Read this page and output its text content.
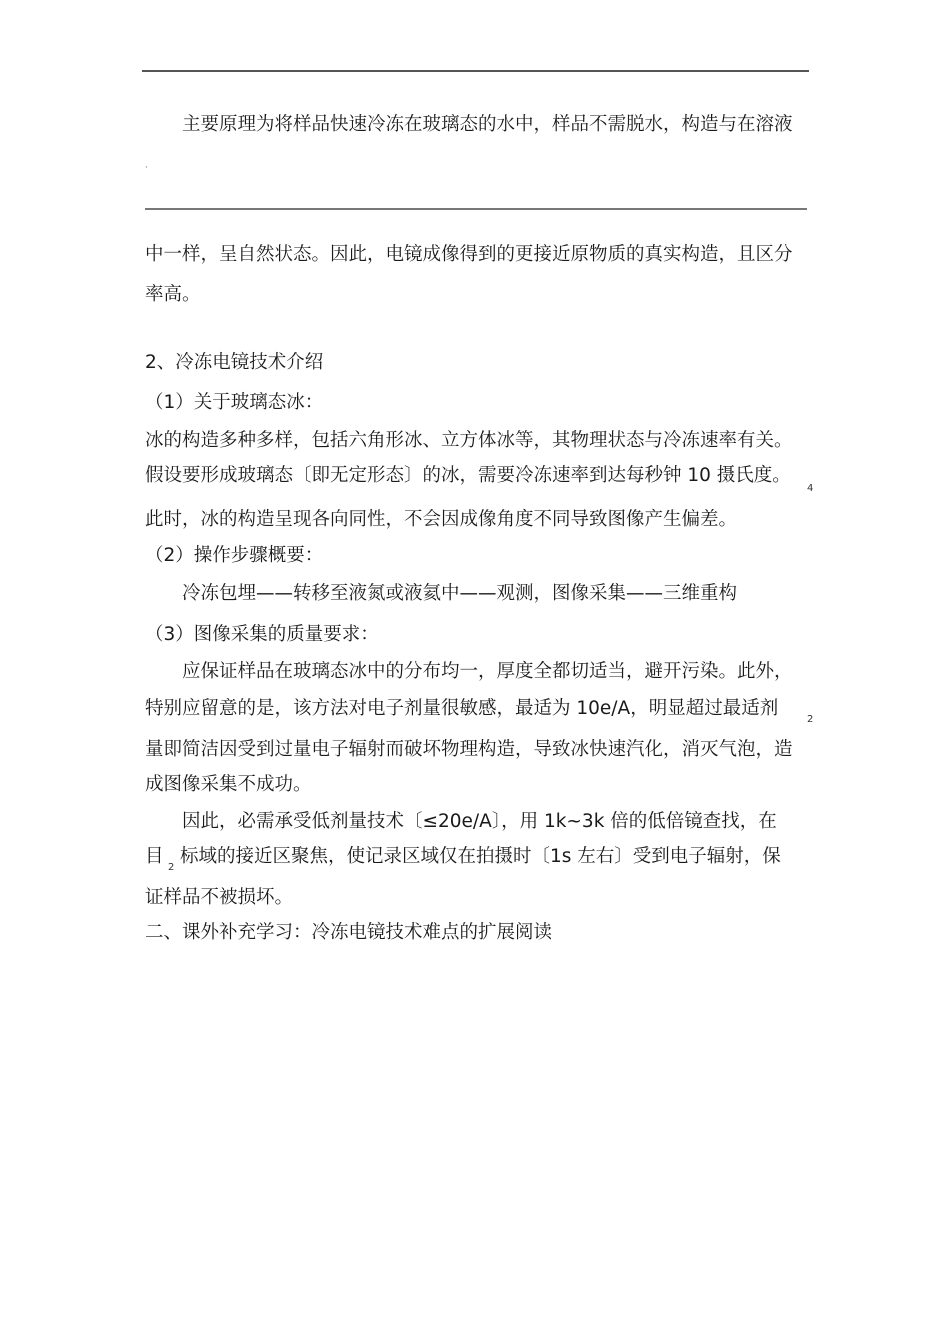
主要原理为将样品快速冷冻在玻璃态的水中，样品不需脱水，构造与在溶液
·
中一样，呈自然状态。因此，电镜成像得到的更接近原物质的真实构造，且区分
率高。
2、冷冻电镜技术介绍
（1）关于玻璃态冰：
冰的构造多种多样，包括六角形冰、立方体冰等，其物理状态与冷冻速率有关。
假设要形成玻璃态〔即无定形态〕的冰，需要冷冻速率到达每秒钟 10 摄氏度。
4
此时，冰的构造呈现各向同性，不会因成像角度不同导致图像产生偏差。
（2）操作步骤概要：
冷冻包埋——转移至液氮或液氦中——观测，图像采集——三维重构
（3）图像采集的质量要求：
应保证样品在玻璃态冰中的分布均一，厚度全都切适当，避开污染。此外，
特别应留意的是，该方法对电子剂量很敏感，最适为 10e/A，明显超过最适剂
2
量即简洁因受到过量电子辐射而破坏物理构造，导致冰快速汽化，消灭气泡，造
成图像采集不成功。
因此，必需承受低剂量技术〔≤20e/A〕，用 1k~3k 倍的低倍镜查找，在
目
2
标域的接近区聚焦，使记录区域仅在拍摄时〔1s 左右〕受到电子辐射，保
证样品不被损坏。
二、课外补充学习：冷冻电镜技术难点的扩展阅读
